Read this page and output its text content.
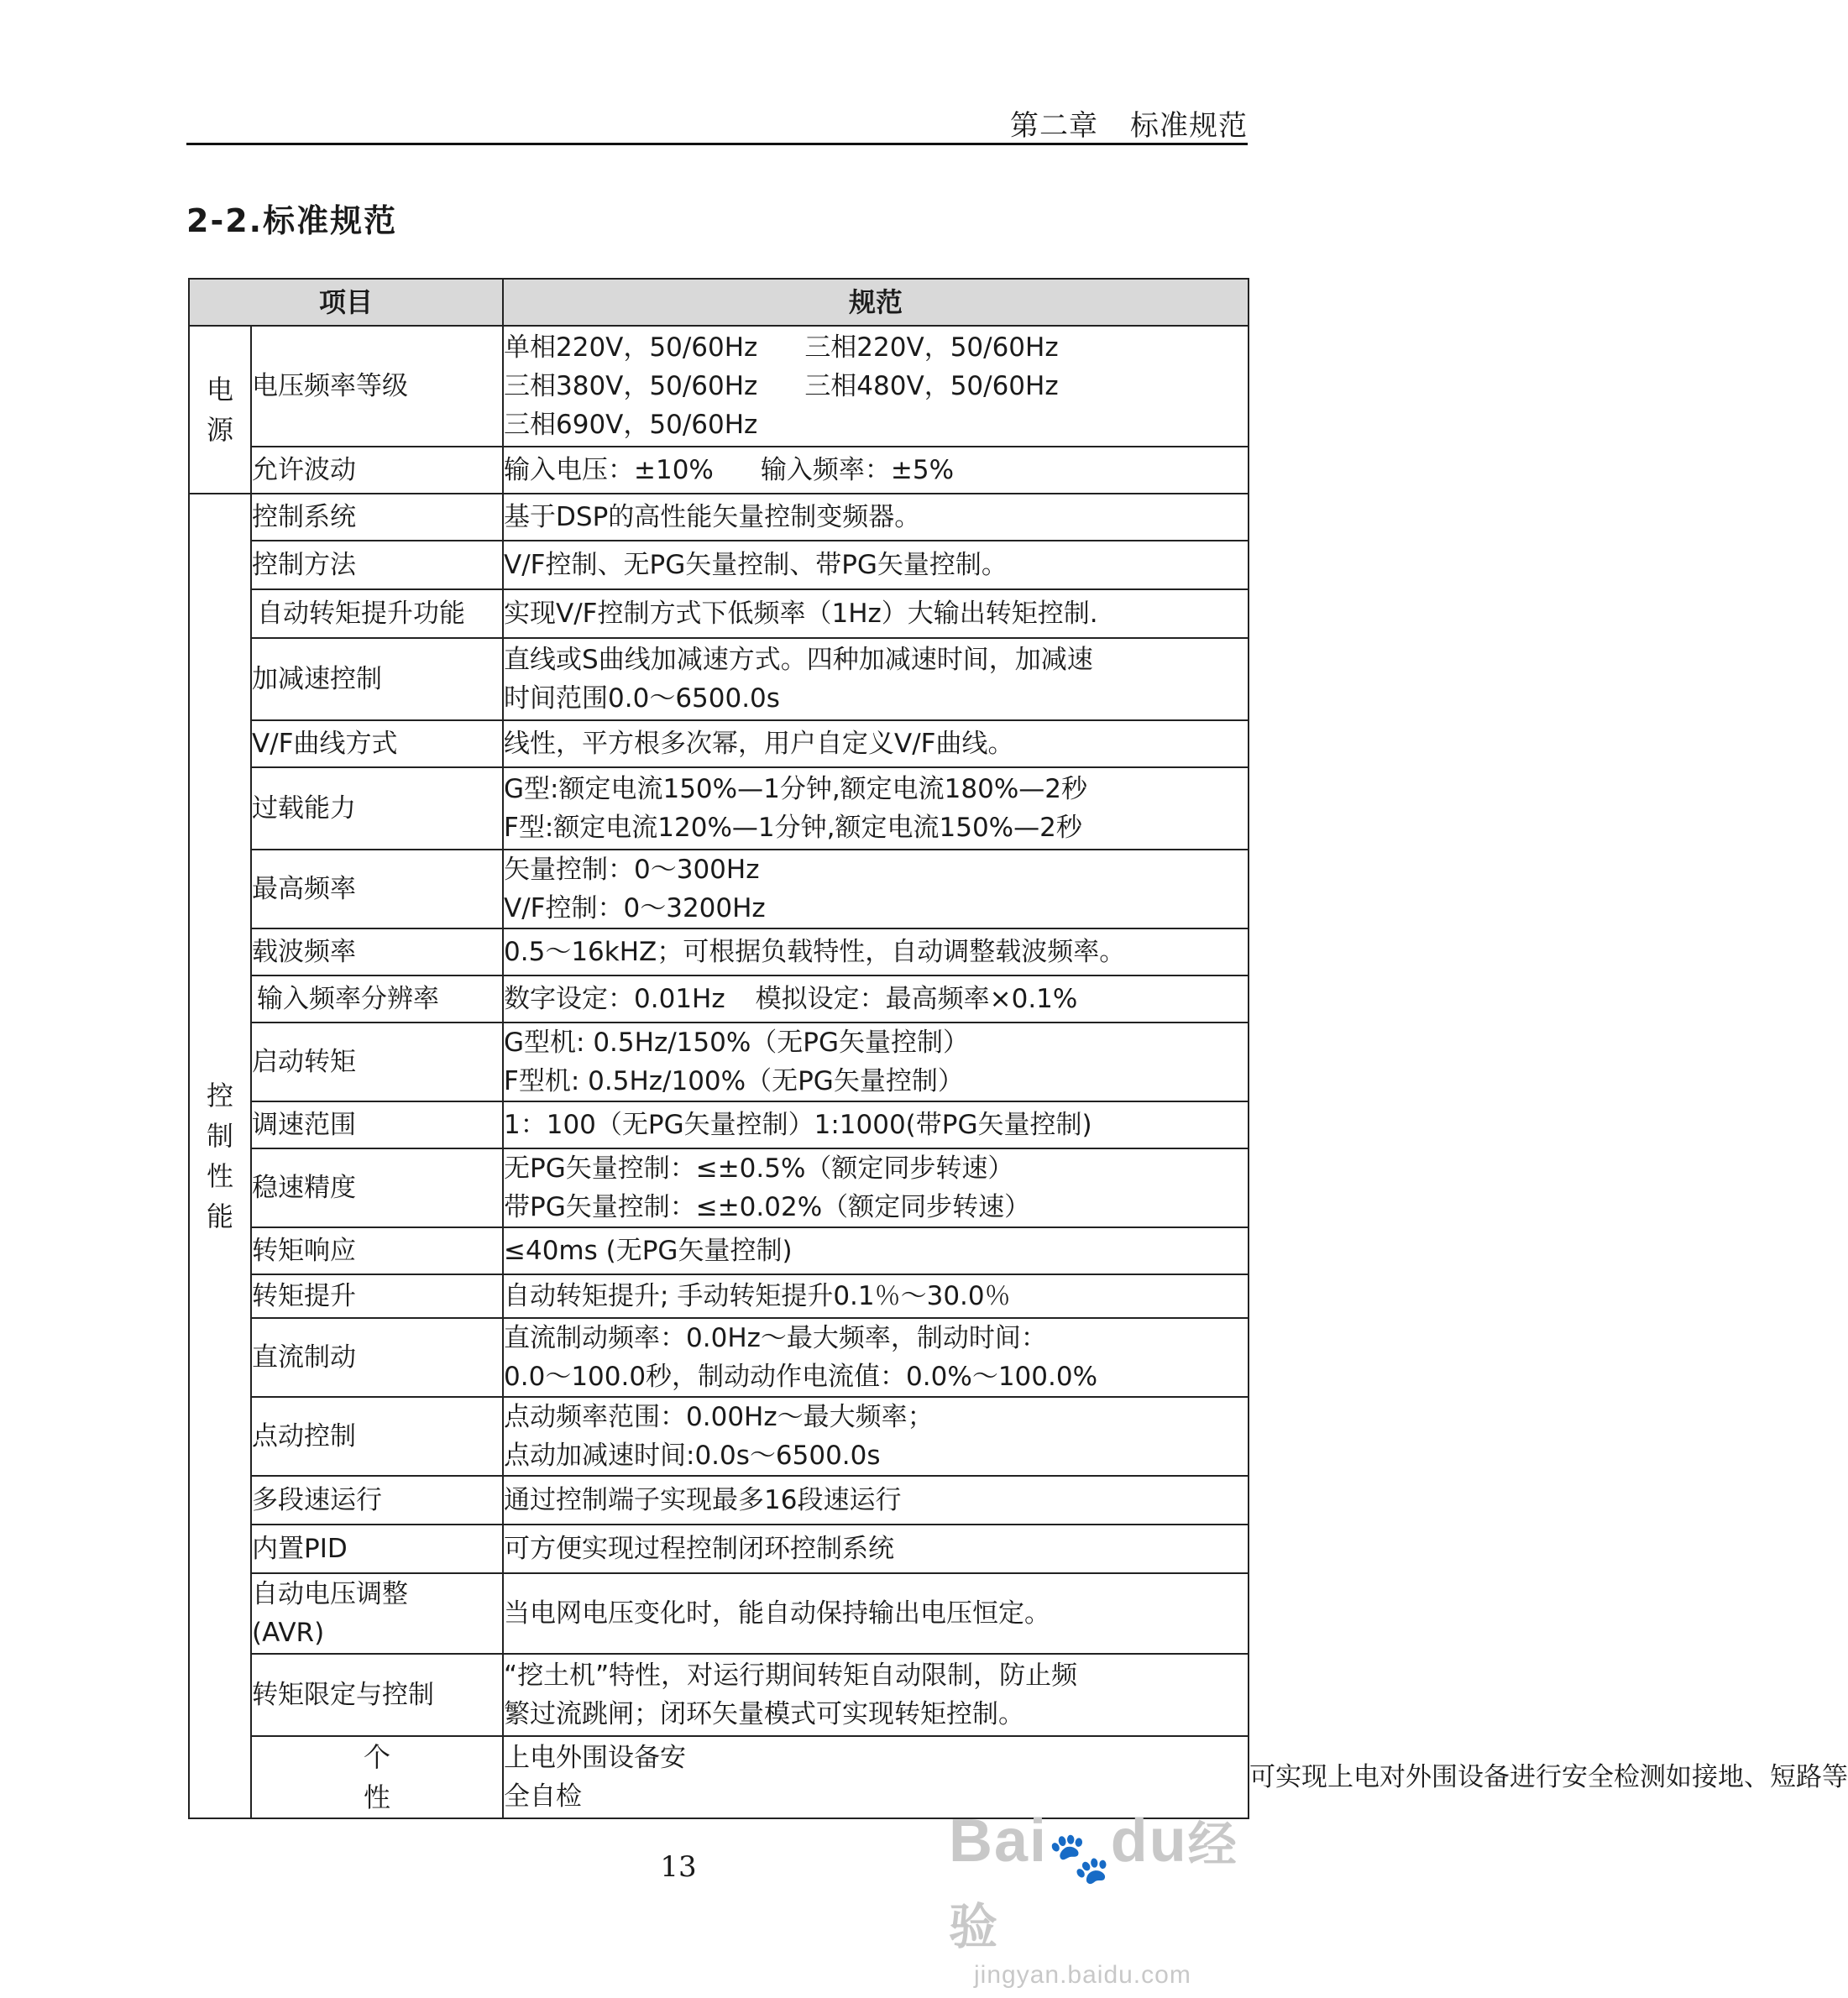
第二章 标准规范
2-2.标准规范
项目		规范	

电
源	电压频率等级	单相220V，50/60Hz 三相220V，50/60Hz
三相380V，50/60Hz 三相480V，50/60Hz
三相690V，50/60Hz	

	允许波动	输入电压：±10% 输入频率：±5%	

控
制
性
能	控制系统	基于DSP的高性能矢量控制变频器。	

	控制方法	V/F控制、无PG矢量控制、带PG矢量控制。	

	自动转矩提升功能	实现V/F控制方式下低频率（1Hz）大输出转矩控制.	

	加减速控制	直线或S曲线加减速方式。四种加减速时间，加减速
时间范围0.0～6500.0s	

	V/F曲线方式	线性，平方根多次幂，用户自定义V/F曲线。	

	过载能力	G型:额定电流150%—1分钟,额定电流180%—2秒
F型:额定电流120%—1分钟,额定电流150%—2秒	

	最高频率	矢量控制：0～300Hz
V/F控制：0～3200Hz	

	载波频率	0.5～16kHZ；可根据负载特性，自动调整载波频率。	

	输入频率分辨率	数字设定：0.01Hz 模拟设定：最高频率×0.1%	

	启动转矩	G型机: 0.5Hz/150%（无PG矢量控制）
F型机: 0.5Hz/100%（无PG矢量控制）	

	调速范围	1：100（无PG矢量控制）1:1000(带PG矢量控制)	

	稳速精度	无PG矢量控制：≤±0.5%（额定同步转速）
带PG矢量控制：≤±0.02%（额定同步转速）	

	转矩响应	≤40ms (无PG矢量控制)	

	转矩提升	自动转矩提升; 手动转矩提升0.1％～30.0％	

	直流制动	直流制动频率：0.0Hz～最大频率，制动时间：
0.0～100.0秒，制动动作电流值：0.0%～100.0%	

	点动控制	点动频率范围：0.00Hz～最大频率；
点动加减速时间:0.0s～6500.0s	

	多段速运行	通过控制端子实现最多16段速运行	

	内置PID	可方便实现过程控制闭环控制系统	

	自动电压调整
(AVR)	当电网电压变化时，能自动保持输出电压恒定。	

	转矩限定与控制	“挖土机”特性，对运行期间转矩自动限制，防止频
繁过流跳闸；闭环矢量模式可实现转矩控制。	

	个
性	上电外围设备安
全自检	可实现上电对外围设备进行安全检测如接地、短路等
13	Bai🐾du经验
jingyan.baidu.com
